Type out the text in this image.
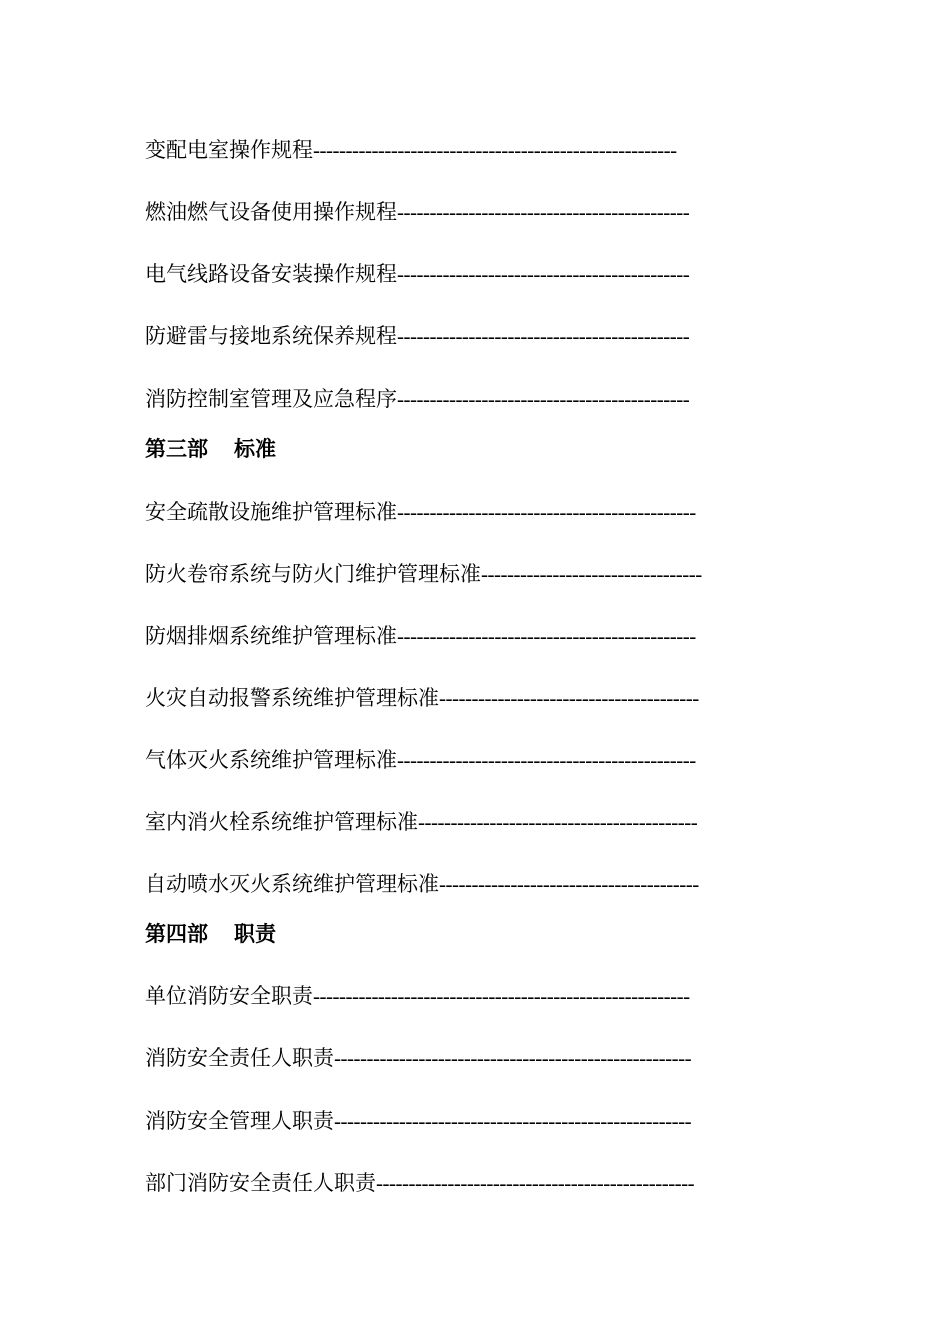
变配电室操作规程 --------------------------------------------------------
燃油燃气设备使用操作规程 ---------------------------------------------
电气线路设备安装操作规程 ---------------------------------------------
防避雷与接地系统保养规程 ---------------------------------------------
消防控制室管理及应急程序 ---------------------------------------------
第三部 标准
安全疏散设施维护管理标准 ----------------------------------------------
防火卷帘系统与防火门维护管理标准 ----------------------------------
防烟排烟系统维护管理标准 ----------------------------------------------
火灾自动报警系统维护管理标准 ----------------------------------------
气体灭火系统维护管理标准 ----------------------------------------------
室内消火栓系统维护管理标准 -------------------------------------------
自动喷水灭火系统维护管理标准 ----------------------------------------
第四部 职责
单位消防安全职责 ----------------------------------------------------------
消防安全责任人职责 -------------------------------------------------------
消防安全管理人职责 -------------------------------------------------------
部门消防安全责任人职责 -------------------------------------------------
